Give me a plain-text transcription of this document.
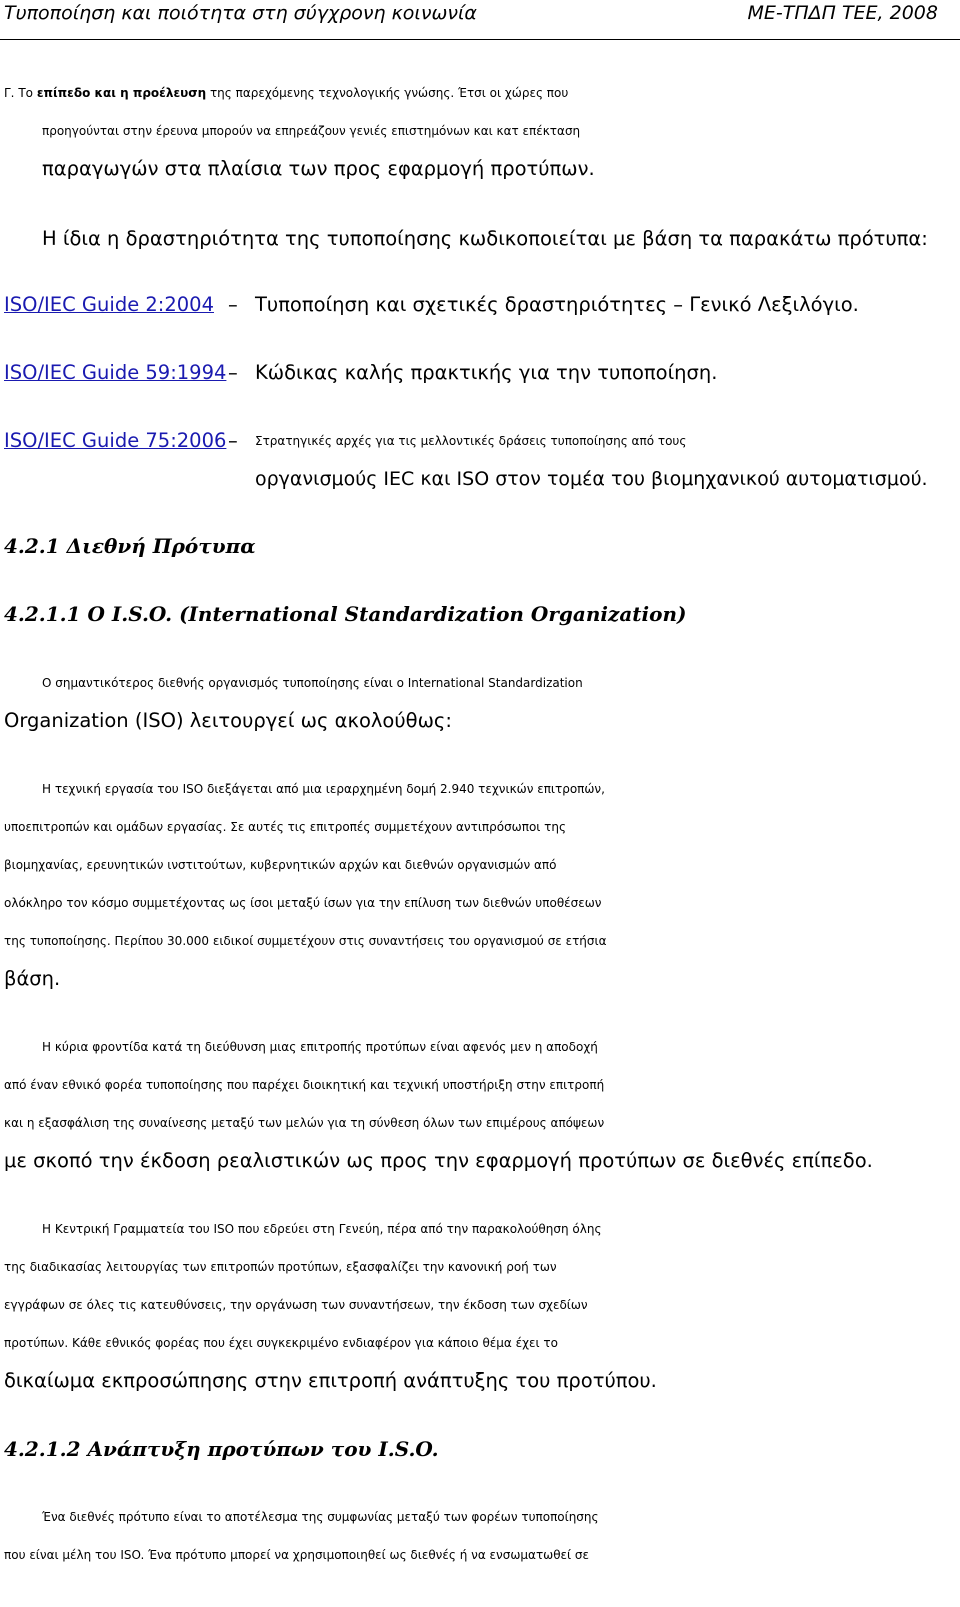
Τυποποίηση και ποιότητα στη σύγχρονη κοινωνία	ΜΕ-ΤΠΔΠ ΤΕΕ, 2008
Γ. Το επίπεδο και η προέλευση της παρεχόμενης τεχνολογικής γνώσης. Έτσι οι χώρες που
προηγούνται στην έρευνα μπορούν να επηρεάζουν γενιές επιστημόνων και κατ επέκταση
παραγωγών στα πλαίσια των προς εφαρμογή προτύπων.
Η ίδια η δραστηριότητα της τυποποίησης κωδικοποιείται με βάση τα παρακάτω πρότυπα:
ISO/IEC Guide 2:2004 – Τυποποίηση και σχετικές δραστηριότητες – Γενικό Λεξιλόγιο.
ISO/IEC Guide 59:1994 – Κώδικας καλής πρακτικής για την τυποποίηση.
ISO/IEC Guide 75:2006 – Στρατηγικές αρχές για τις μελλοντικές δράσεις τυποποίησης από τους
οργανισμούς IEC και ISO στον τομέα του βιομηχανικού αυτοματισμού.
4.2.1 Διεθνή Πρότυπα
4.2.1.1 Ο I.S.O. (International Standardization Organization)
Ο σημαντικότερος διεθνής οργανισμός τυποποίησης είναι ο International Standardization
Organization (ISO) λειτουργεί ως ακολούθως:
Η τεχνική εργασία του ISO διεξάγεται από μια ιεραρχημένη δομή 2.940 τεχνικών επιτροπών,
υποεπιτροπών και ομάδων εργασίας. Σε αυτές τις επιτροπές συμμετέχουν αντιπρόσωποι της
βιομηχανίας, ερευνητικών ινστιτούτων, κυβερνητικών αρχών και διεθνών οργανισμών από
ολόκληρο τον κόσμο συμμετέχοντας ως ίσοι μεταξύ ίσων για την επίλυση των διεθνών υποθέσεων
της τυποποίησης. Περίπου 30.000 ειδικοί συμμετέχουν στις συναντήσεις του οργανισμού σε ετήσια
βάση.
Η κύρια φροντίδα κατά τη διεύθυνση μιας επιτροπής προτύπων είναι αφενός μεν η αποδοχή
από έναν εθνικό φορέα τυποποίησης που παρέχει διοικητική και τεχνική υποστήριξη στην επιτροπή
και η εξασφάλιση της συναίνεσης μεταξύ των μελών για τη σύνθεση όλων των επιμέρους απόψεων
με σκοπό την έκδοση ρεαλιστικών ως προς την εφαρμογή προτύπων σε διεθνές επίπεδο.
Η Κεντρική Γραμματεία του ISO που εδρεύει στη Γενεύη, πέρα από την παρακολούθηση όλης
της διαδικασίας λειτουργίας των επιτροπών προτύπων, εξασφαλίζει την κανονική ροή των
εγγράφων σε όλες τις κατευθύνσεις, την οργάνωση των συναντήσεων, την έκδοση των σχεδίων
προτύπων. Κάθε εθνικός φορέας που έχει συγκεκριμένο ενδιαφέρον για κάποιο θέμα έχει το
δικαίωμα εκπροσώπησης στην επιτροπή ανάπτυξης του προτύπου.
4.2.1.2 Ανάπτυξη προτύπων του I.S.O.
Ένα διεθνές πρότυπο είναι το αποτέλεσμα της συμφωνίας μεταξύ των φορέων τυποποίησης
που είναι μέλη του ISO. Ένα πρότυπο μπορεί να χρησιμοποιηθεί ως διεθνές ή να ενσωματωθεί σε
